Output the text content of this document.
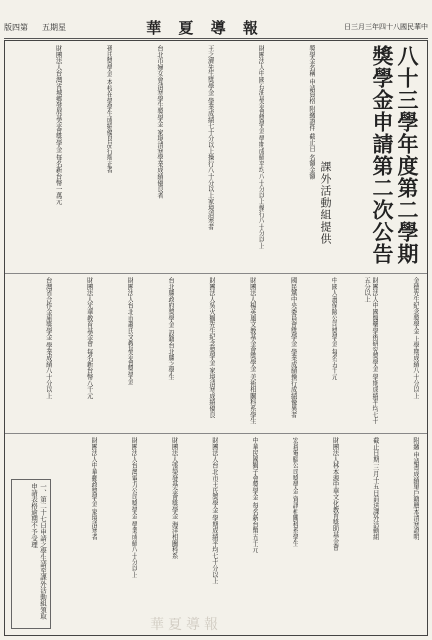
版四第 五期星	華 夏 導 報	日三月三年四十八國民華中
八十三學年度第二學期獎學金申請第二次公告
課外活動組提供
獎學金名稱 申請資格 附繳證件 截止日 名額金額
財團法人中國石油基金會獎學金 學期成績平均八十分以上操行八十分以上
王之濟先生獎學金 學業成績七十分以上操行八十分以上家境清寒者
台北市婦女會清寒學生獎學金 家境清寒學業成績優良者
孫氏獎學金 本校在學學生成績優良品行端正者
財團法人台灣省城鄉發展基金會獎學金 每名新台幣一萬元
金德先生紀念獎學金 上學期成績八十分以上
財團法人中國醫藥學術研究獎學金 學期成績平均七十五分以上
中國人壽保險公司獎學金 每名五千元
國民黨中央委員會獎學金 學業成績操行成績優異者
財團法人楊英風文教基金會獎學金 美術相關科系學生
財團法人吳火獅先生紀念獎學金 家境清寒成績優良
台北縣政府獎學金 設籍台北縣之學生
財團法人台北市蕭氏文教基金會獎學金
財團法人光華教育基金會 每名新台幣八千元
台灣省合作金庫獎學金 學業成績八十分以上
附繳 申請書成績單戶籍謄本清寒證明
截止日期 三月十五日前送課外活動組
財團法人林本源中華文化教育獎助基金會
宏碁電腦公司獎學金 資訊相關科系學生
中華民國獅子會獎學金 每名新台幣五千元
財團法人台北市王氏獎學金 學期成績平均七十分以上
財團法人張榮發基金會獎學金 海洋相關科系
財團法人台灣電力公司獎學金 學業成績八十分以上
財團法人中華郵政獎學金 家境清寒者
一、第二十七日申請之學生請至課外活動組領取申請表格逾期不予受理
華夏導報
